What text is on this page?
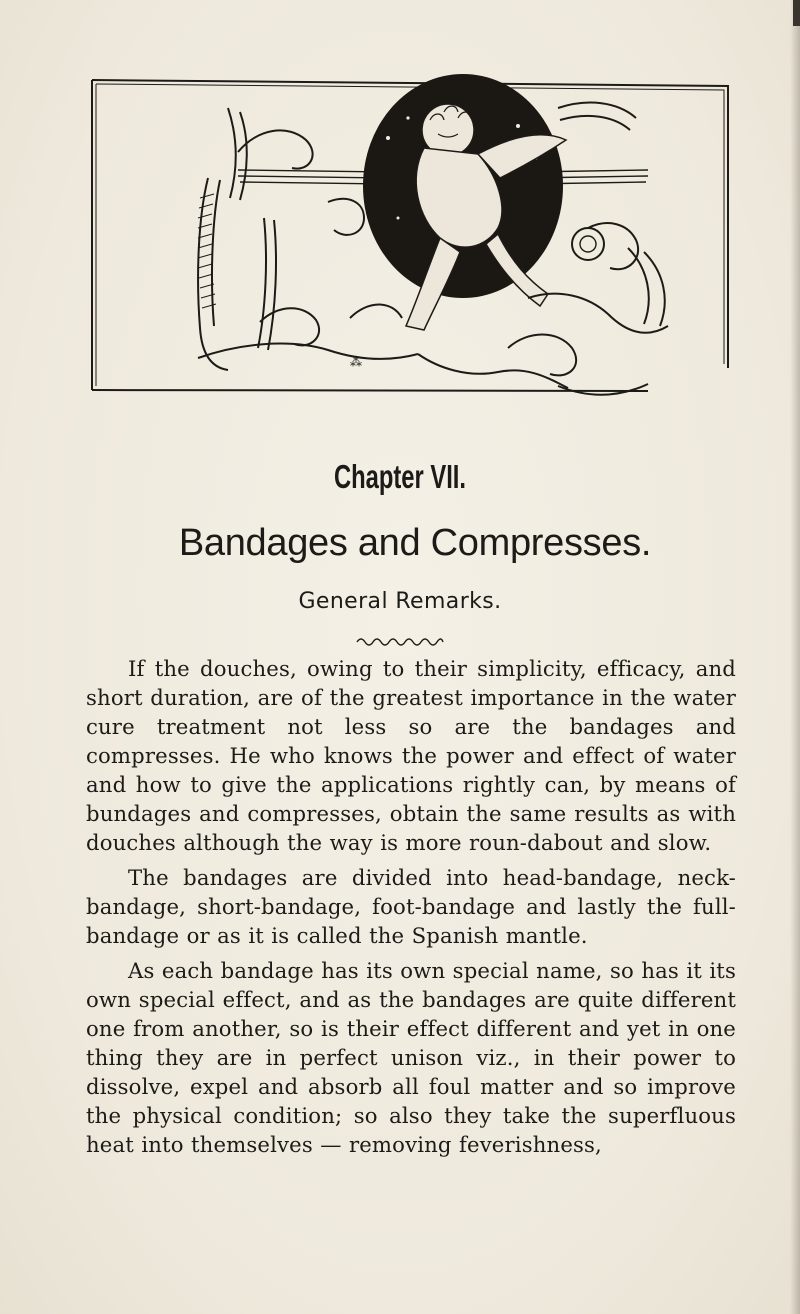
⁂
Chapter VII.
Bandages and Compresses.
General Remarks.

If the douches, owing to their simplicity, efficacy, and short duration, are of the greatest importance in the water cure treatment not less so are the bandages and compresses. He who knows the power and effect of water and how to give the applications rightly can, by means of bundages and compresses, obtain the same results as with douches although the way is more roun-dabout and slow.

The bandages are divided into head-bandage, neck-bandage, short-bandage, foot-bandage and lastly the full-bandage or as it is called the Spanish mantle.

As each bandage has its own special name, so has it its own special effect, and as the bandages are quite different one from another, so is their effect different and yet in one thing they are in perfect unison viz., in their power to dissolve, expel and absorb all foul matter and so improve the physical condition; so also they take the superfluous heat into themselves — removing feverishness,
